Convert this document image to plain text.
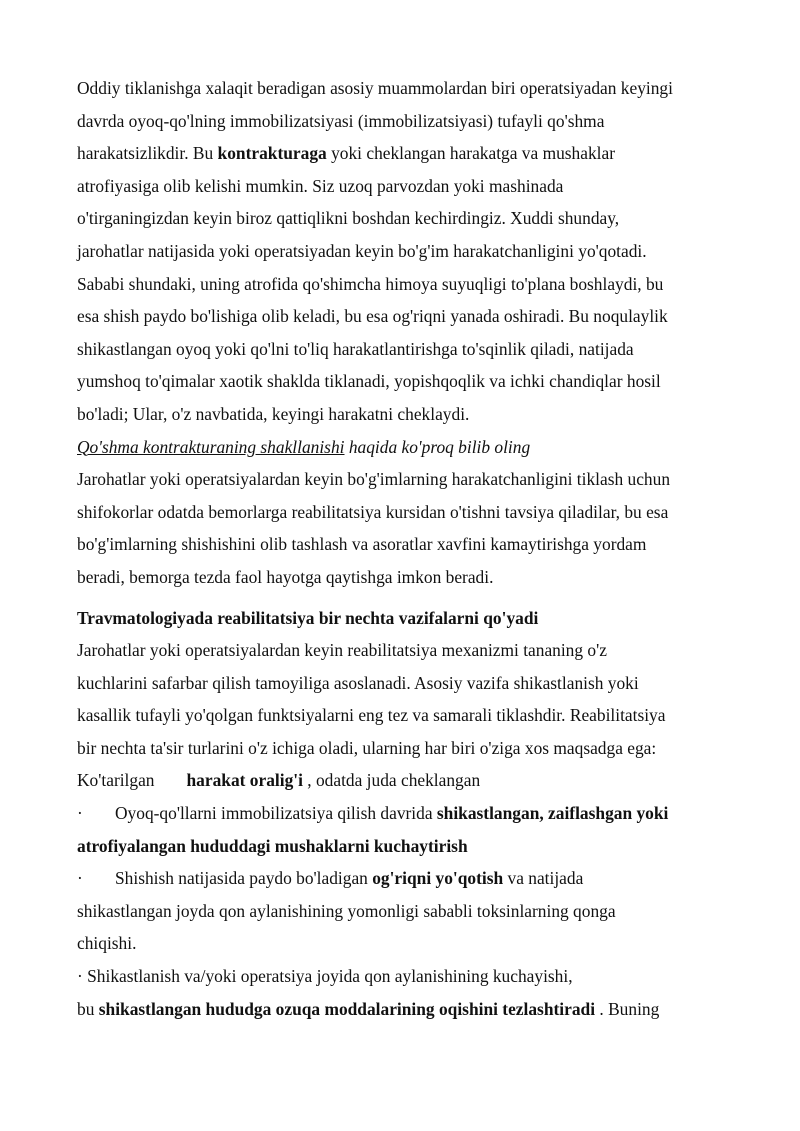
Oddiy tiklanishga xalaqit beradigan asosiy muammolardan biri operatsiyadan keyingi

davrda oyoq-qo'lning immobilizatsiyasi (immobilizatsiyasi) tufayli qo'shma

harakatsizlikdir. Bu kontrakturaga yoki cheklangan harakatga va mushaklar

atrofiyasiga olib kelishi mumkin. Siz uzoq parvozdan yoki mashinada

o'tirganingizdan keyin biroz qattiqlikni boshdan kechirdingiz. Xuddi shunday,

jarohatlar natijasida yoki operatsiyadan keyin bo'g'im harakatchanligini yo'qotadi.

Sababi shundaki, uning atrofida qo'shimcha himoya suyuqligi to'plana boshlaydi, bu

esa shish paydo bo'lishiga olib keladi, bu esa og'riqni yanada oshiradi. Bu noqulaylik

shikastlangan oyoq yoki qo'lni to'liq harakatlantirishga to'sqinlik qiladi, natijada

yumshoq to'qimalar xaotik shaklda tiklanadi, yopishqoqlik va ichki chandiqlar hosil

bo'ladi; Ular, o'z navbatida, keyingi harakatni cheklaydi.

Qo'shma kontrakturaning shakllanishi haqida ko'proq bilib oling

Jarohatlar yoki operatsiyalardan keyin bo'g'imlarning harakatchanligini tiklash uchun

shifokorlar odatda bemorlarga reabilitatsiya kursidan o'tishni tavsiya qiladilar, bu esa

bo'g'imlarning shishishini olib tashlash va asoratlar xavfini kamaytirishga yordam

beradi, bemorga tezda faol hayotga qaytishga imkon beradi.

Travmatologiyada reabilitatsiya bir nechta vazifalarni qo'yadi

Jarohatlar yoki operatsiyalardan keyin reabilitatsiya mexanizmi tananing o'z

kuchlarini safarbar qilish tamoyiliga asoslanadi. Asosiy vazifa shikastlanish yoki

kasallik tufayli yo'qolgan funktsiyalarni eng tez va samarali tiklashdir. Reabilitatsiya

bir nechta ta'sir turlarini o'z ichiga oladi, ularning har biri o'ziga xos maqsadga ega:

Ko'tarilgan harakat oralig'i , odatda juda cheklangan

· Oyoq-qo'llarni immobilizatsiya qilish davrida shikastlangan, zaiflashgan yoki

atrofiyalangan hududdagi mushaklarni kuchaytirish

· Shishish natijasida paydo bo'ladigan og'riqni yo'qotish va natijada

shikastlangan joyda qon aylanishining yomonligi sababli toksinlarning qonga

chiqishi.

· Shikastlanish va/yoki operatsiya joyida qon aylanishining kuchayishi,

bu shikastlangan hududga ozuqa moddalarining oqishini tezlashtiradi . Buning
